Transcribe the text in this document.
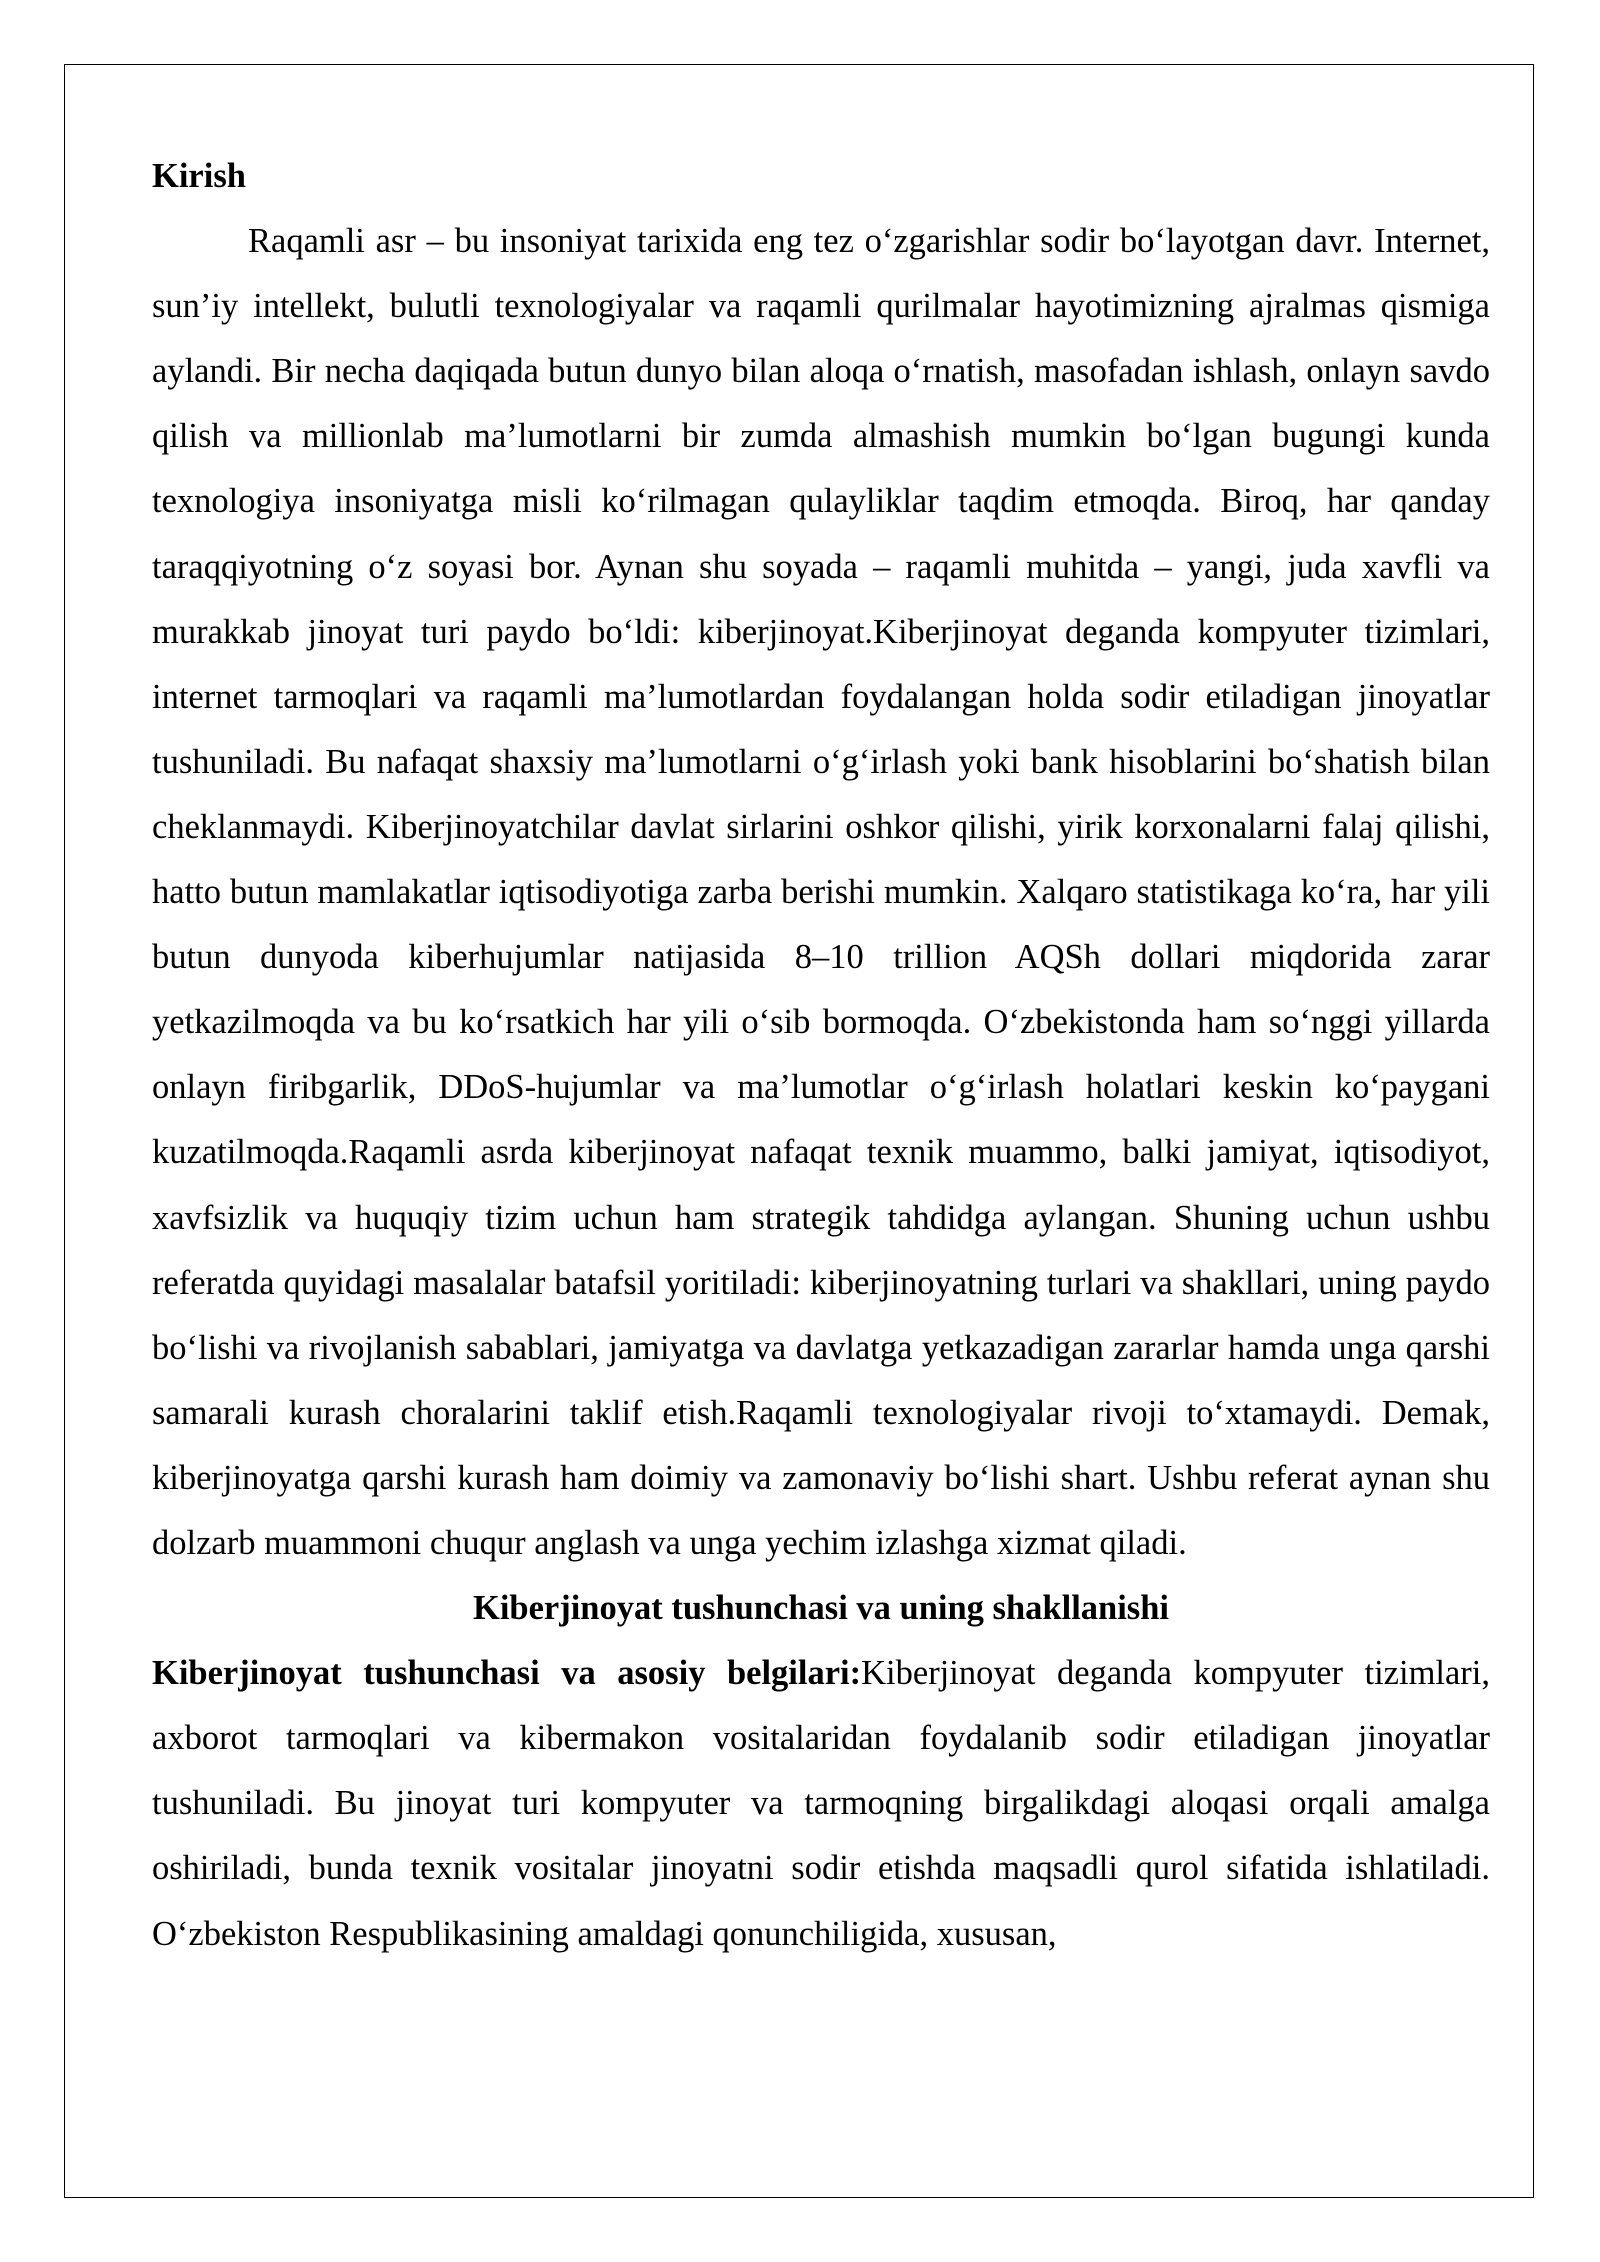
Kirish

Raqamli asr – bu insoniyat tarixida eng tez o‘zgarishlar sodir bo‘layotgan davr. Internet, sun’iy intellekt, bulutli texnologiyalar va raqamli qurilmalar hayotimizning ajralmas qismiga aylandi. Bir necha daqiqada butun dunyo bilan aloqa o‘rnatish, masofadan ishlash, onlayn savdo qilish va millionlab ma’lumotlarni bir zumda almashish mumkin bo‘lgan bugungi kunda texnologiya insoniyatga misli ko‘rilmagan qulayliklar taqdim etmoqda. Biroq, har qanday taraqqiyotning o‘z soyasi bor. Aynan shu soyada – raqamli muhitda – yangi, juda xavfli va murakkab jinoyat turi paydo bo‘ldi: kiberjinoyat.Kiberjinoyat deganda kompyuter tizimlari, internet tarmoqlari va raqamli ma’lumotlardan foydalangan holda sodir etiladigan jinoyatlar tushuniladi. Bu nafaqat shaxsiy ma’lumotlarni o‘g‘irlash yoki bank hisoblarini bo‘shatish bilan cheklanmaydi. Kiberjinoyatchilar davlat sirlarini oshkor qilishi, yirik korxonalarni falaj qilishi, hatto butun mamlakatlar iqtisodiyotiga zarba berishi mumkin. Xalqaro statistikaga ko‘ra, har yili butun dunyoda kiberhujumlar natijasida 8–10 trillion AQSh dollari miqdorida zarar yetkazilmoqda va bu ko‘rsatkich har yili o‘sib bormoqda. O‘zbekistonda ham so‘nggi yillarda onlayn firibgarlik, DDoS-hujumlar va ma’lumotlar o‘g‘irlash holatlari keskin ko‘paygani kuzatilmoqda.Raqamli asrda kiberjinoyat nafaqat texnik muammo, balki jamiyat, iqtisodiyot, xavfsizlik va huquqiy tizim uchun ham strategik tahdidga aylangan. Shuning uchun ushbu referatda quyidagi masalalar batafsil yoritiladi: kiberjinoyatning turlari va shakllari, uning paydo bo‘lishi va rivojlanish sabablari, jamiyatga va davlatga yetkazadigan zararlar hamda unga qarshi samarali kurash choralarini taklif etish.Raqamli texnologiyalar rivoji to‘xtamaydi. Demak, kiberjinoyatga qarshi kurash ham doimiy va zamonaviy bo‘lishi shart. Ushbu referat aynan shu dolzarb muammoni chuqur anglash va unga yechim izlashga xizmat qiladi.

Kiberjinoyat tushunchasi va uning shakllanishi

Kiberjinoyat tushunchasi va asosiy belgilari:Kiberjinoyat deganda kompyuter tizimlari, axborot tarmoqlari va kibermakon vositalaridan foydalanib sodir etiladigan jinoyatlar tushuniladi. Bu jinoyat turi kompyuter va tarmoqning birgalikdagi aloqasi orqali amalga oshiriladi, bunda texnik vositalar jinoyatni sodir etishda maqsadli qurol sifatida ishlatiladi. O‘zbekiston Respublikasining amaldagi qonunchiligida, xususan,
